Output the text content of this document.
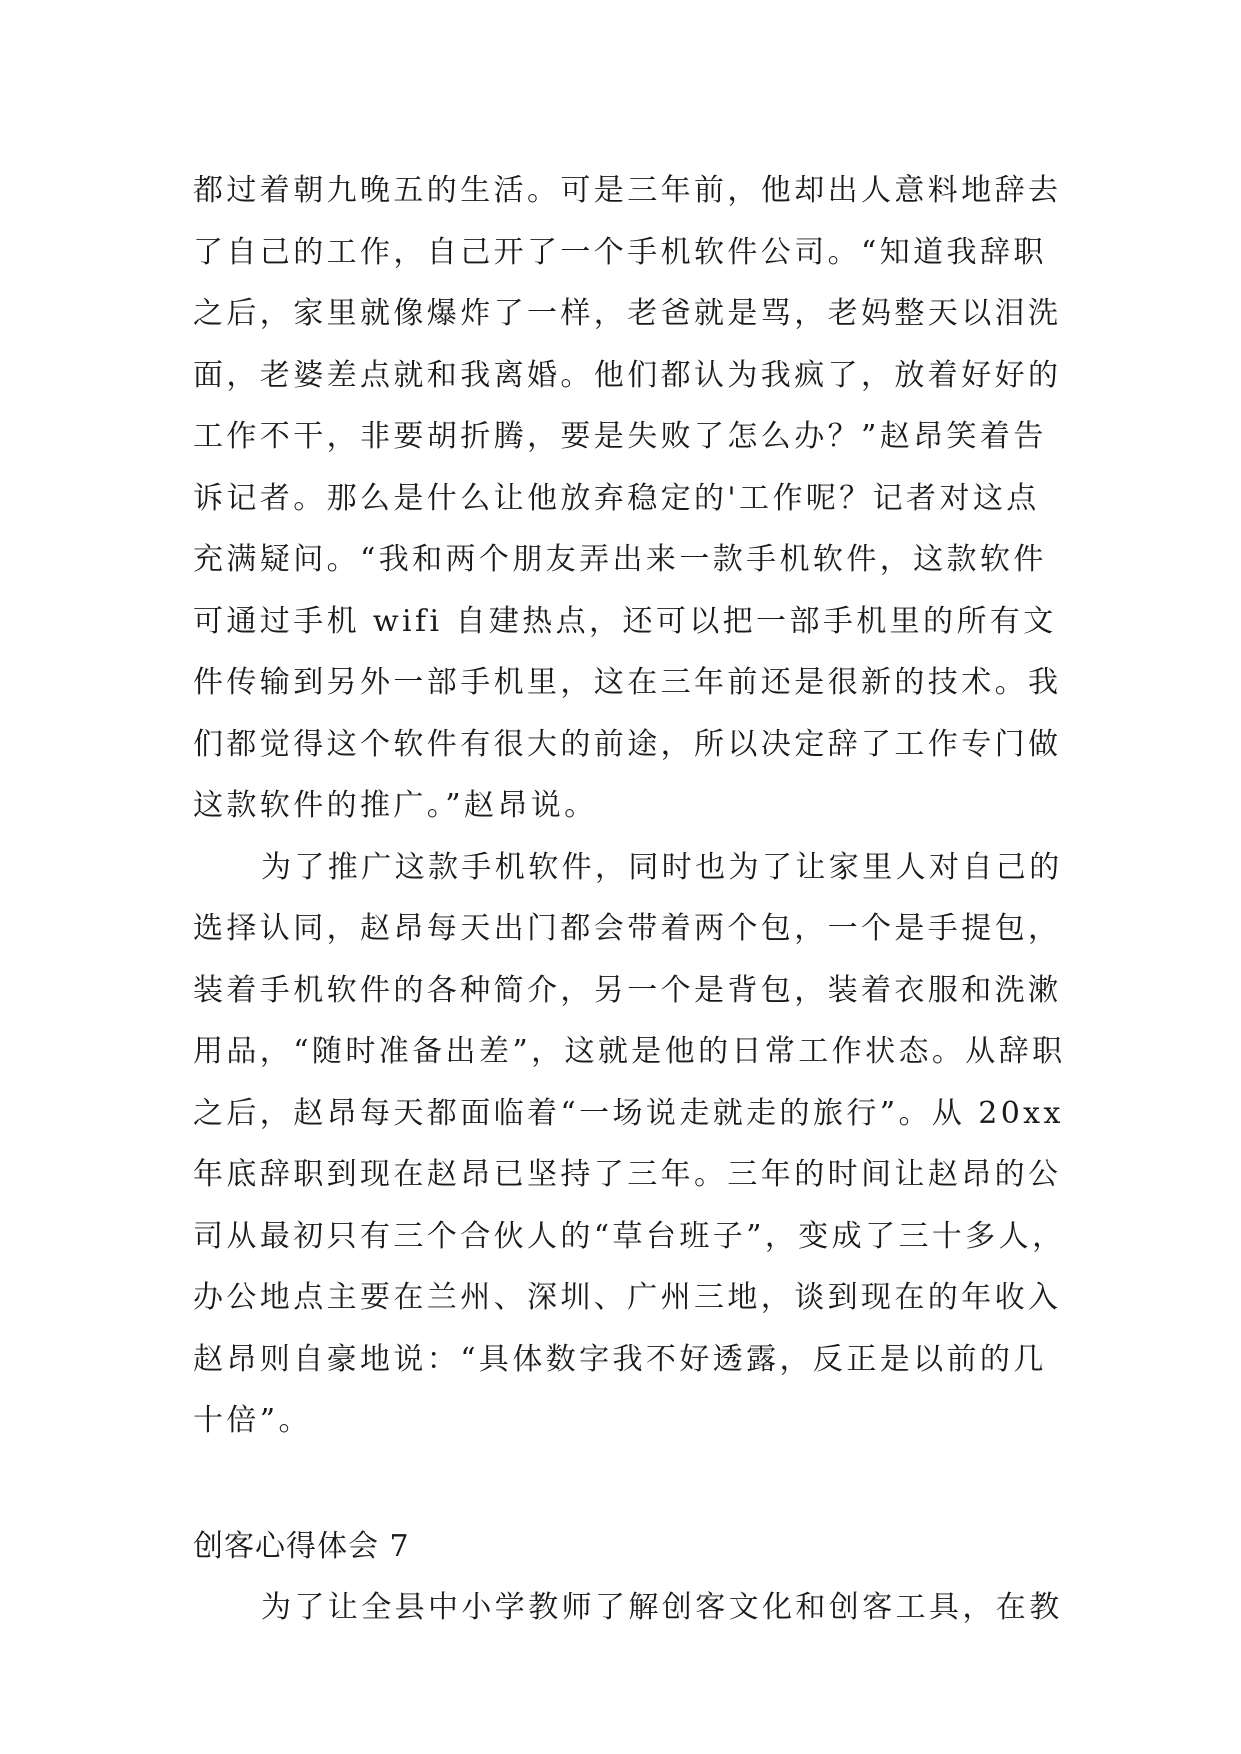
都过着朝九晚五的生活。可是三年前，他却出人意料地辞去
了自己的工作，自己开了一个手机软件公司。“知道我辞职
之后，家里就像爆炸了一样，老爸就是骂，老妈整天以泪洗
面，老婆差点就和我离婚。他们都认为我疯了，放着好好的
工作不干，非要胡折腾，要是失败了怎么办？”赵昂笑着告
诉记者。那么是什么让他放弃稳定的'工作呢？记者对这点
充满疑问。“我和两个朋友弄出来一款手机软件，这款软件
可通过手机 wifi 自建热点，还可以把一部手机里的所有文
件传输到另外一部手机里，这在三年前还是很新的技术。我
们都觉得这个软件有很大的前途，所以决定辞了工作专门做
这款软件的推广。”赵昂说。
为了推广这款手机软件，同时也为了让家里人对自己的
选择认同，赵昂每天出门都会带着两个包，一个是手提包，
装着手机软件的各种简介，另一个是背包，装着衣服和洗漱
用品，“随时准备出差”，这就是他的日常工作状态。从辞职
之后，赵昂每天都面临着“一场说走就走的旅行”。从 20xx
年底辞职到现在赵昂已坚持了三年。三年的时间让赵昂的公
司从最初只有三个合伙人的“草台班子”，变成了三十多人，
办公地点主要在兰州、深圳、广州三地，谈到现在的年收入
赵昂则自豪地说：“具体数字我不好透露，反正是以前的几
十倍”。
创客心得体会 7
为了让全县中小学教师了解创客文化和创客工具，在教
